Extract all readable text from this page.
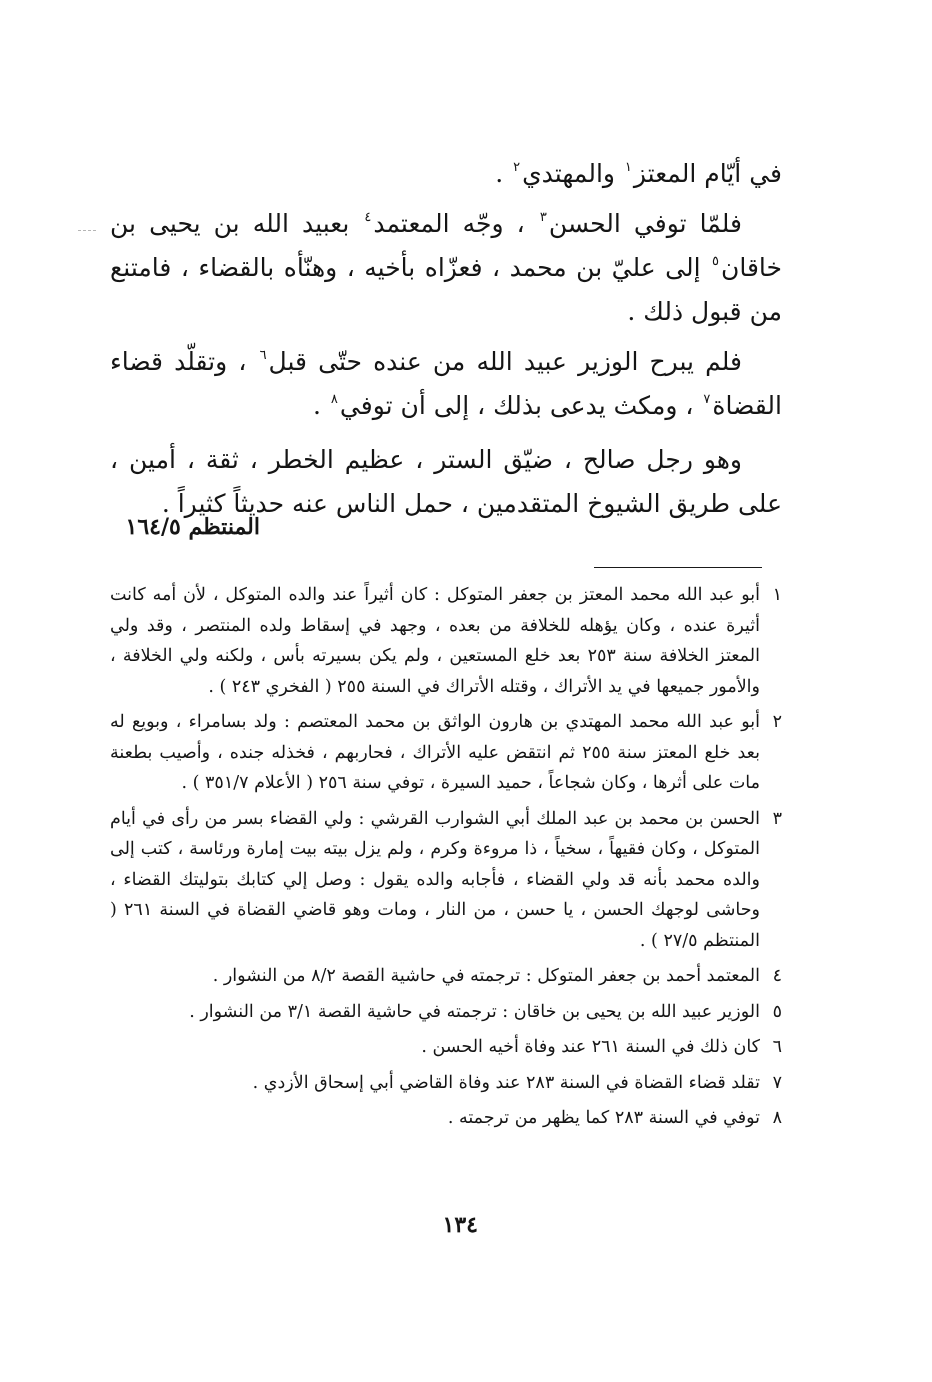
في أيّام المعتز$^١$ والمهتدي$^٢$ .

فلمّا توفي الحسن$^٣$ ، وجّه المعتمد$^٤$ بعبيد الله بن يحيى بن خاقان$^٥$ إلى عليّ بن محمد ، فعزّاه بأخيه ، وهنّأه بالقضاء ، فامتنع من قبول ذلك .

فلم يبرح الوزير عبيد الله من عنده حتّى قبل$^٦$ ، وتقلّد قضاء القضاة$^٧$ ، ومكث يدعى بذلك ، إلى أن توفي$^٨$ .

وهو رجل صالح ، ضيّق الستر ، عظيم الخطر ، ثقة ، أمين ، على طريق الشيوخ المتقدمين ، حمل الناس عنه حديثاً كثيراً .

المنتظم ١٦٤/٥
١
أبو عبد الله محمد المعتز بن جعفر المتوكل : كان أثيراً عند والده المتوكل ، لأن أمه كانت أثيرة عنده ، وكان يؤهله للخلافة من بعده ، وجهد في إسقاط ولده المنتصر ، وقد ولي المعتز الخلافة سنة ٢٥٣ بعد خلع المستعين ، ولم يكن بسيرته بأس ، ولكنه ولي الخلافة ، والأمور جميعها في يد الأتراك ، وقتله الأتراك في السنة ٢٥٥ ( الفخري ٢٤٣ ) .
٢
أبو عبد الله محمد المهتدي بن هارون الواثق بن محمد المعتصم : ولد بسامراء ، وبويع له بعد خلع المعتز سنة ٢٥٥ ثم انتقض عليه الأتراك ، فحاربهم ، فخذله جنده ، وأصيب بطعنة مات على أثرها ، وكان شجاعاً ، حميد السيرة ، توفي سنة ٢٥٦ ( الأعلام ٣٥١/٧ ) .
٣
الحسن بن محمد بن عبد الملك أبي الشوارب القرشي : ولي القضاء بسر من رأى في أيام المتوكل ، وكان فقيهاً ، سخياً ، ذا مروءة وكرم ، ولم يزل بيته بيت إمارة ورئاسة ، كتب إلى والده محمد بأنه قد ولي القضاء ، فأجابه والده يقول : وصل إلي كتابك بتوليتك القضاء ، وحاشى لوجهك الحسن ، يا حسن ، من النار ، ومات وهو قاضي القضاة في السنة ٢٦١ ( المنتظم ٢٧/٥ ) .
٤
المعتمد أحمد بن جعفر المتوكل : ترجمته في حاشية القصة ٨/٢ من النشوار .
٥
الوزير عبيد الله بن يحيى بن خاقان : ترجمته في حاشية القصة ٣/١ من النشوار .
٦
كان ذلك في السنة ٢٦١ عند وفاة أخيه الحسن .
٧
تقلد قضاء القضاة في السنة ٢٨٣ عند وفاة القاضي أبي إسحاق الأزدي .
٨
توفي في السنة ٢٨٣ كما يظهر من ترجمته .
١٣٤
